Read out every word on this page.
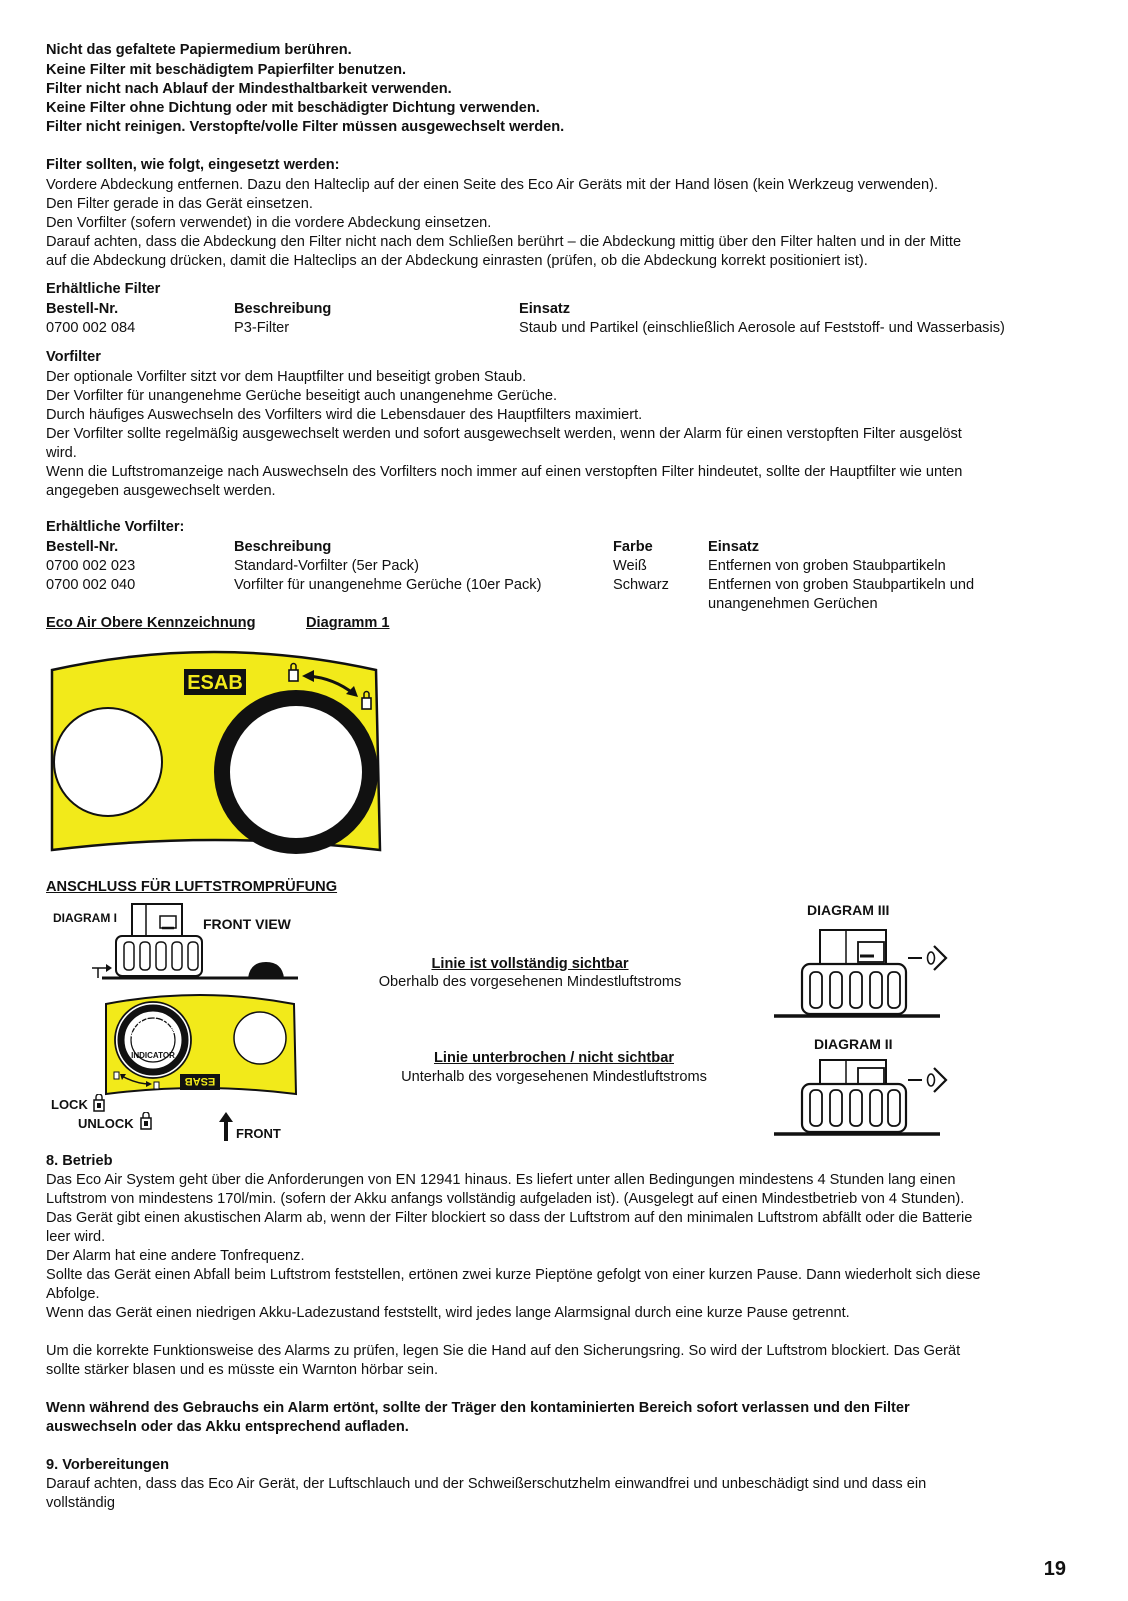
Nicht das gefaltete Papiermedium berühren.
Keine Filter mit beschädigtem Papierfilter benutzen.
Filter nicht nach Ablauf der Mindesthaltbarkeit verwenden.
Keine Filter ohne Dichtung oder mit beschädigter Dichtung verwenden.
Filter nicht reinigen. Verstopfte/volle Filter müssen ausgewechselt werden.
Filter sollten, wie folgt, eingesetzt werden:
Vordere Abdeckung entfernen. Dazu den Halteclip auf der einen Seite des Eco Air Geräts mit der Hand lösen (kein Werkzeug verwenden).
Den Filter gerade in das Gerät einsetzen.
Den Vorfilter (sofern verwendet) in die vordere Abdeckung einsetzen.
Darauf achten, dass die Abdeckung den Filter nicht nach dem Schließen berührt – die Abdeckung mittig über den Filter halten und in der Mitte
auf die Abdeckung drücken, damit die Halteclips an der Abdeckung einrasten (prüfen, ob die Abdeckung korrekt positioniert ist).
Erhältliche Filter
Bestell-Nr.	Beschreibung	Einsatz
0700 002 084	P3-Filter	Staub und Partikel (einschließlich Aerosole auf Feststoff- und Wasserbasis)
Vorfilter
Der optionale Vorfilter sitzt vor dem Hauptfilter und beseitigt groben Staub.
Der Vorfilter für unangenehme Gerüche beseitigt auch unangenehme Gerüche.
Durch häufiges Auswechseln des Vorfilters wird die Lebensdauer des Hauptfilters maximiert.
Der Vorfilter sollte regelmäßig ausgewechselt werden und sofort ausgewechselt werden, wenn der Alarm für einen verstopften Filter ausgelöst
wird.
Wenn die Luftstromanzeige nach Auswechseln des Vorfilters noch immer auf einen verstopften Filter hindeutet, sollte der Hauptfilter wie unten
angegeben ausgewechselt werden.
Erhältliche Vorfilter:
Bestell-Nr.	Beschreibung	Farbe	Einsatz
0700 002 023	Standard-Vorfilter (5er Pack)	Weiß	Entfernen von groben Staubpartikeln
0700 002 040	Vorfilter für unangenehme Gerüche (10er Pack)	Schwarz	Entfernen von groben Staubpartikeln und
unangenehmen Gerüchen
Eco Air Obere Kennzeichnung	Diagramm 1
ESAB
ANSCHLUSS FÜR LUFTSTROMPRÜFUNG
DIAGRAM I	FRONT VIEW
AIRFLOW
INDICATOR
ESAB
LOCK
UNLOCK
FRONT
Linie ist vollständig sichtbar
Oberhalb des vorgesehenen Mindestluftstroms
Linie unterbrochen / nicht sichtbar
Unterhalb des vorgesehenen Mindestluftstroms
DIAGRAM III
DIAGRAM II
8. Betrieb
Das Eco Air System geht über die Anforderungen von EN 12941 hinaus. Es liefert unter allen Bedingungen mindestens 4 Stunden lang einen
Luftstrom von mindestens 170l/min. (sofern der Akku anfangs vollständig aufgeladen ist). (Ausgelegt auf einen Mindestbetrieb von 4 Stunden).
Das Gerät gibt einen akustischen Alarm ab, wenn der Filter blockiert so dass der Luftstrom auf den minimalen Luftstrom abfällt oder die Batterie
leer wird.
Der Alarm hat eine andere Tonfrequenz.
Sollte das Gerät einen Abfall beim Luftstrom feststellen, ertönen zwei kurze Pieptöne gefolgt von einer kurzen Pause. Dann wiederholt sich diese
Abfolge.
Wenn das Gerät einen niedrigen Akku-Ladezustand feststellt, wird jedes lange Alarmsignal durch eine kurze Pause getrennt.
Um die korrekte Funktionsweise des Alarms zu prüfen, legen Sie die Hand auf den Sicherungsring. So wird der Luftstrom blockiert. Das Gerät
sollte stärker blasen und es müsste ein Warnton hörbar sein.
Wenn während des Gebrauchs ein Alarm ertönt, sollte der Träger den kontaminierten Bereich sofort verlassen und den Filter
auswechseln oder das Akku entsprechend aufladen.
9. Vorbereitungen
Darauf achten, dass das Eco Air Gerät, der Luftschlauch und der Schweißerschutzhelm einwandfrei und unbeschädigt sind und dass ein
vollständig
19
